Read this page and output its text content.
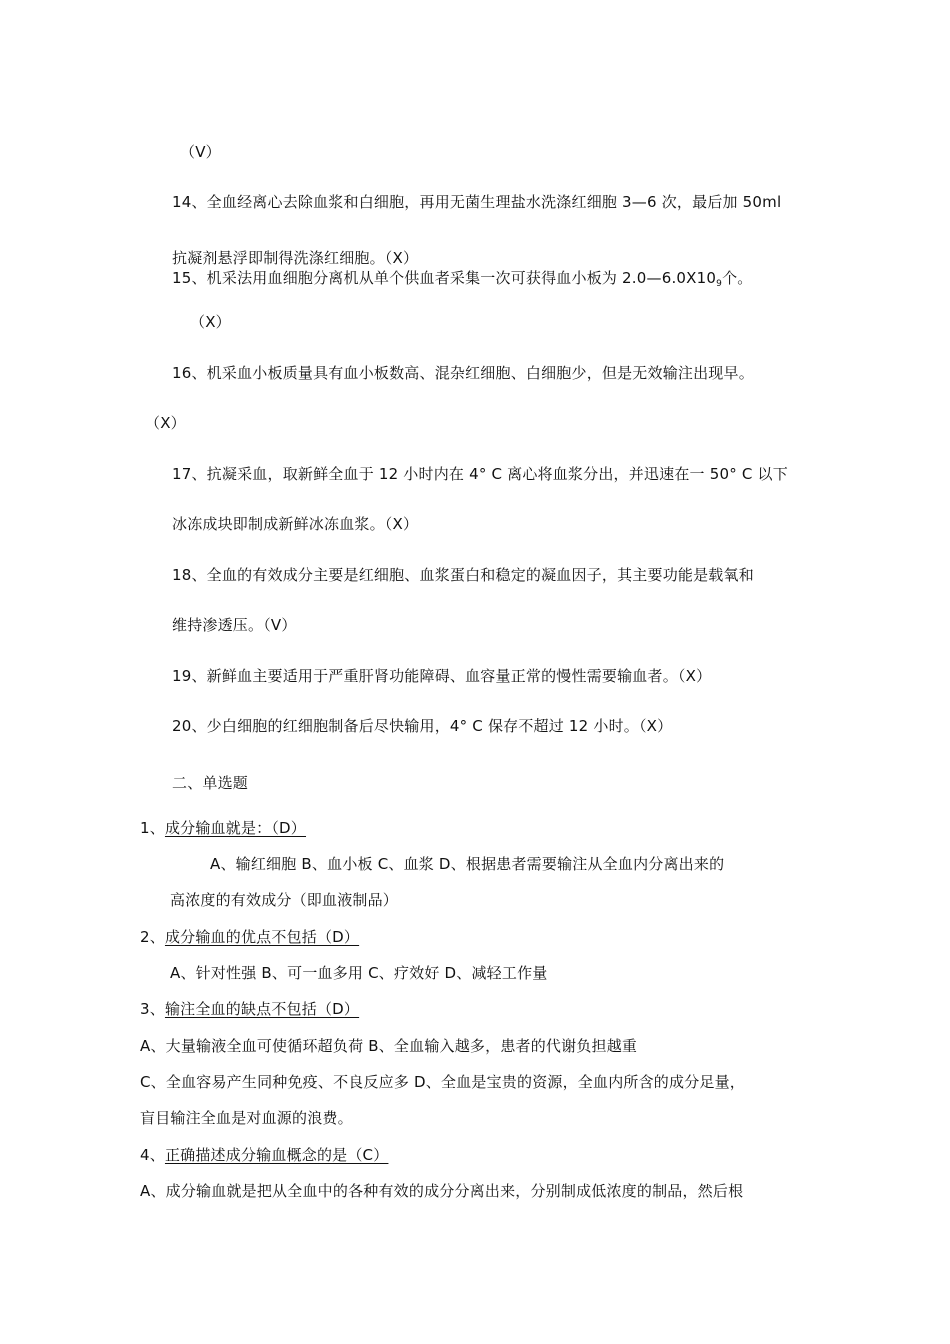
（V）
14、全血经离心去除血浆和白细胞，再用无菌生理盐水洗涤红细胞 3—6 次，最后加 50ml
抗凝剂悬浮即制得洗涤红细胞。（X）
15、机采法用血细胞分离机从单个供血者采集一次可获得血小板为 $2.0—6.0X10_9$个。
（X）
16、机采血小板质量具有血小板数高、混杂红细胞、白细胞少，但是无效输注出现早。
（X）
17、抗凝采血，取新鲜全血于 12 小时内在 4° C 离心将血浆分出，并迅速在一 50° C 以下
冰冻成块即制成新鲜冰冻血浆。（X）
18、全血的有效成分主要是红细胞、血浆蛋白和稳定的凝血因子，其主要功能是载氧和
维持渗透压。（V）
19、新鲜血主要适用于严重肝肾功能障碍、血容量正常的慢性需要输血者。（X）
20、少白细胞的红细胞制备后尽快输用，4° C 保存不超过 12 小时。（X）
二、单选题
1、成分输血就是：（D）
A、输红细胞 B、血小板 C、血浆 D、根据患者需要输注从全血内分离出来的
高浓度的有效成分（即血液制品）
2、成分输血的优点不包括（D）
A、针对性强 B、可一血多用 C、疗效好 D、减轻工作量
3、输注全血的缺点不包括（D）
A、大量输液全血可使循环超负荷 B、全血输入越多，患者的代谢负担越重
C、全血容易产生同种免疫、不良反应多 D、全血是宝贵的资源，全血内所含的成分足量，
盲目输注全血是对血源的浪费。
4、正确描述成分输血概念的是（C）
A、成分输血就是把从全血中的各种有效的成分分离出来，分别制成低浓度的制品，然后根
